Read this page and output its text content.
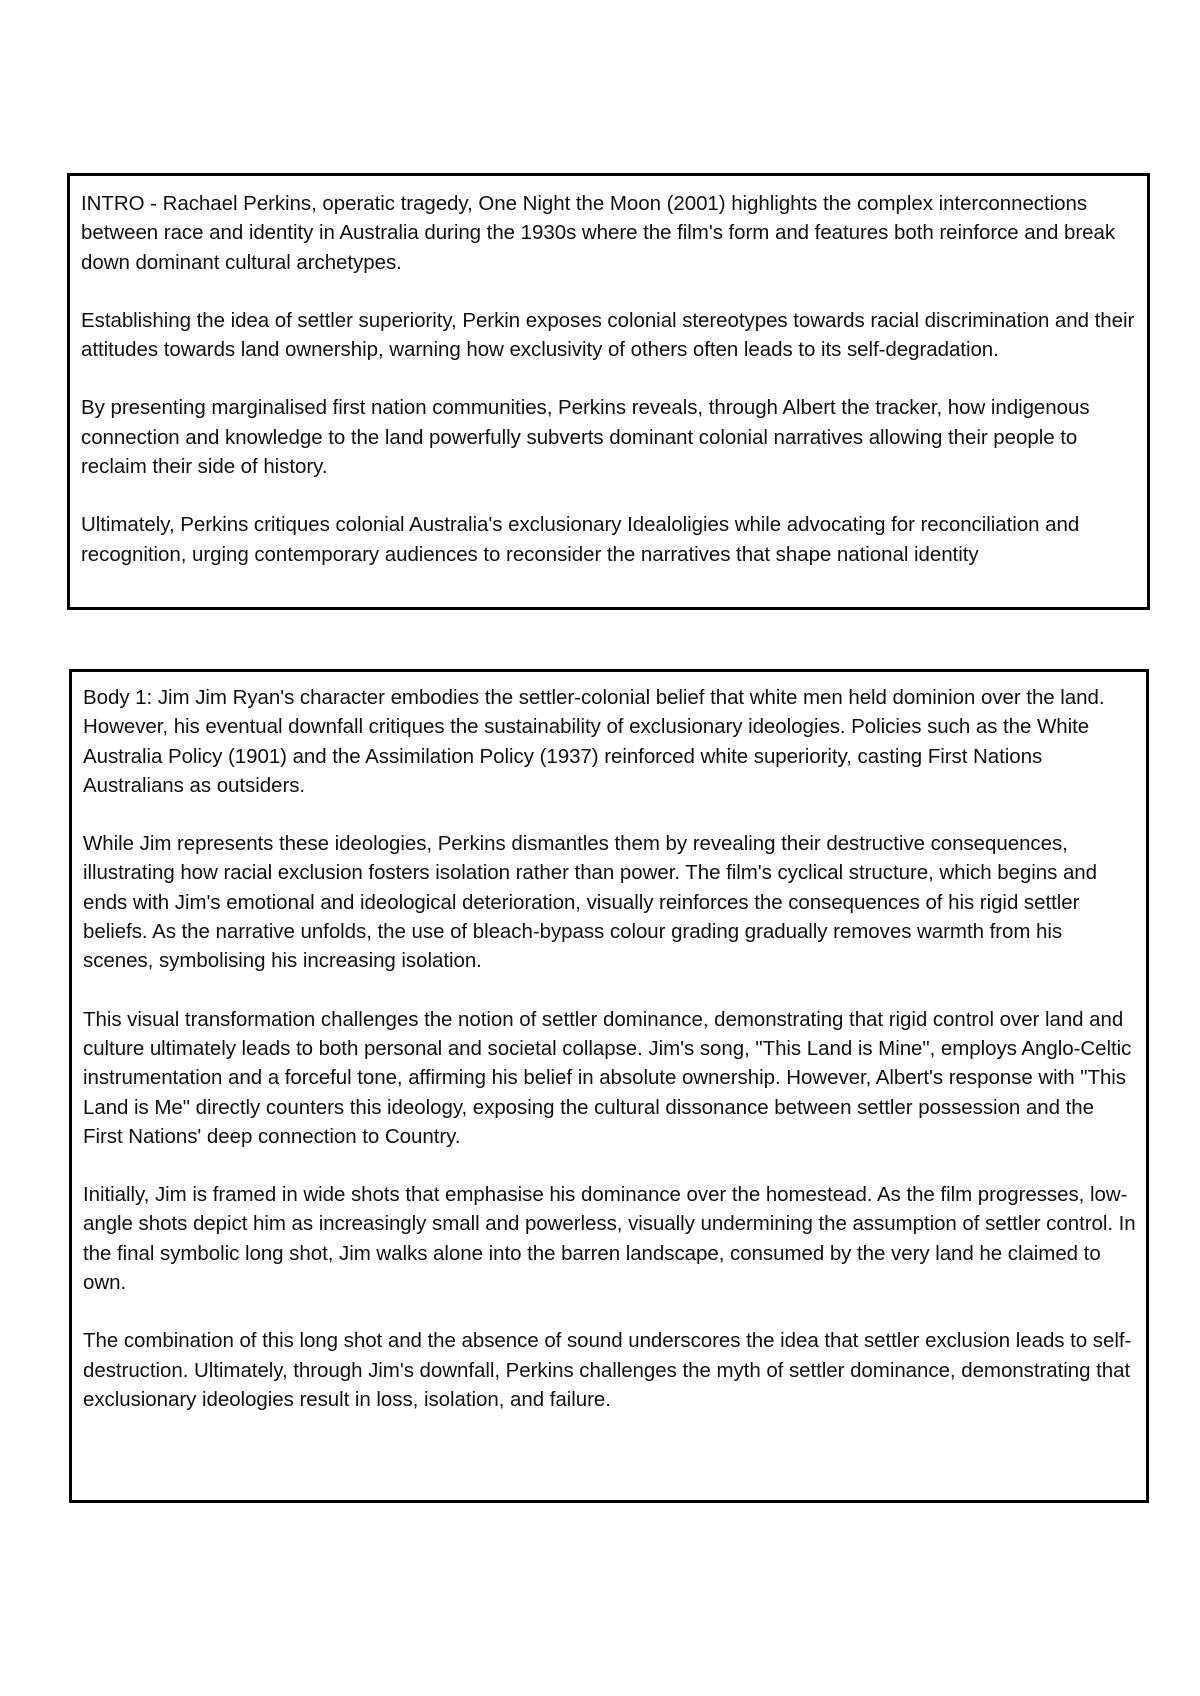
INTRO - Rachael Perkins, operatic tragedy, One Night the Moon (2001) highlights the complex interconnections between race and identity in Australia during the 1930s where the film's form and features both reinforce and break down dominant cultural archetypes.

Establishing the idea of settler superiority, Perkin exposes colonial stereotypes towards racial discrimination and their attitudes towards land ownership, warning how exclusivity of others often leads to its self-degradation.

By presenting marginalised first nation communities, Perkins reveals, through Albert the tracker, how indigenous connection and knowledge to the land powerfully subverts dominant colonial narratives allowing their people to reclaim their side of history.

Ultimately, Perkins critiques colonial Australia's exclusionary Idealoligies while advocating for reconciliation and recognition, urging contemporary audiences to reconsider the narratives that shape national identity

Body 1: Jim Jim Ryan's character embodies the settler-colonial belief that white men held dominion over the land. However, his eventual downfall critiques the sustainability of exclusionary ideologies. Policies such as the White Australia Policy (1901) and the Assimilation Policy (1937) reinforced white superiority, casting First Nations Australians as outsiders.

While Jim represents these ideologies, Perkins dismantles them by revealing their destructive consequences, illustrating how racial exclusion fosters isolation rather than power. The film's cyclical structure, which begins and ends with Jim's emotional and ideological deterioration, visually reinforces the consequences of his rigid settler beliefs. As the narrative unfolds, the use of bleach-bypass colour grading gradually removes warmth from his scenes, symbolising his increasing isolation.

This visual transformation challenges the notion of settler dominance, demonstrating that rigid control over land and culture ultimately leads to both personal and societal collapse. Jim's song, "This Land is Mine", employs Anglo-Celtic instrumentation and a forceful tone, affirming his belief in absolute ownership. However, Albert's response with "This Land is Me" directly counters this ideology, exposing the cultural dissonance between settler possession and the First Nations' deep connection to Country.

Initially, Jim is framed in wide shots that emphasise his dominance over the homestead. As the film progresses, low-angle shots depict him as increasingly small and powerless, visually undermining the assumption of settler control. In the final symbolic long shot, Jim walks alone into the barren landscape, consumed by the very land he claimed to own.

The combination of this long shot and the absence of sound underscores the idea that settler exclusion leads to self-destruction. Ultimately, through Jim's downfall, Perkins challenges the myth of settler dominance, demonstrating that exclusionary ideologies result in loss, isolation, and failure.
